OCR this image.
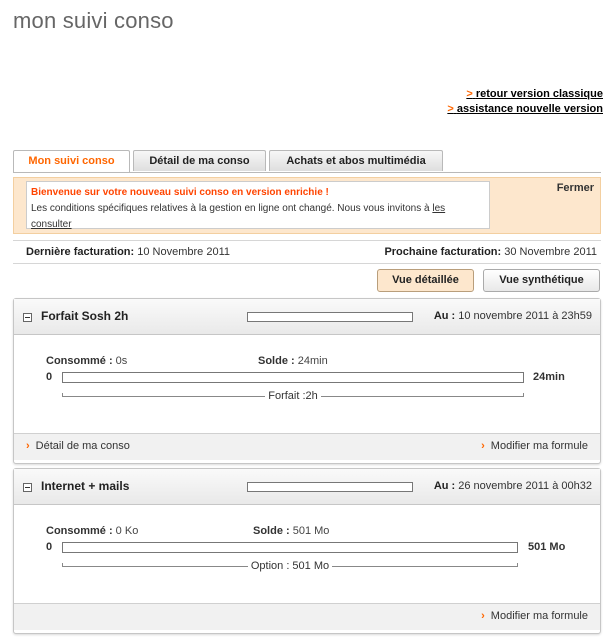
mon suivi conso
> retour version classique
> assistance nouvelle version
Mon suivi conso	Détail de ma conso	Achats et abos multimédia
Bienvenue sur votre nouveau suivi conso en version enrichie !
Les conditions spécifiques relatives à la gestion en ligne ont changé. Nous vous invitons à les consulter
Fermer
Dernière facturation: 10 Novembre 2011	Prochaine facturation: 30 Novembre 2011
Vue détaillée	Vue synthétique
Forfait Sosh 2h	Au : 10 novembre 2011 à 23h59
Consommé : 0s	Solde : 24min
0	24min
Forfait :2h
› Détail de ma conso	› Modifier ma formule
Internet + mails	Au : 26 novembre 2011 à 00h32
Consommé : 0 Ko	Solde : 501 Mo
0	501 Mo
Option : 501 Mo
› Modifier ma formule
